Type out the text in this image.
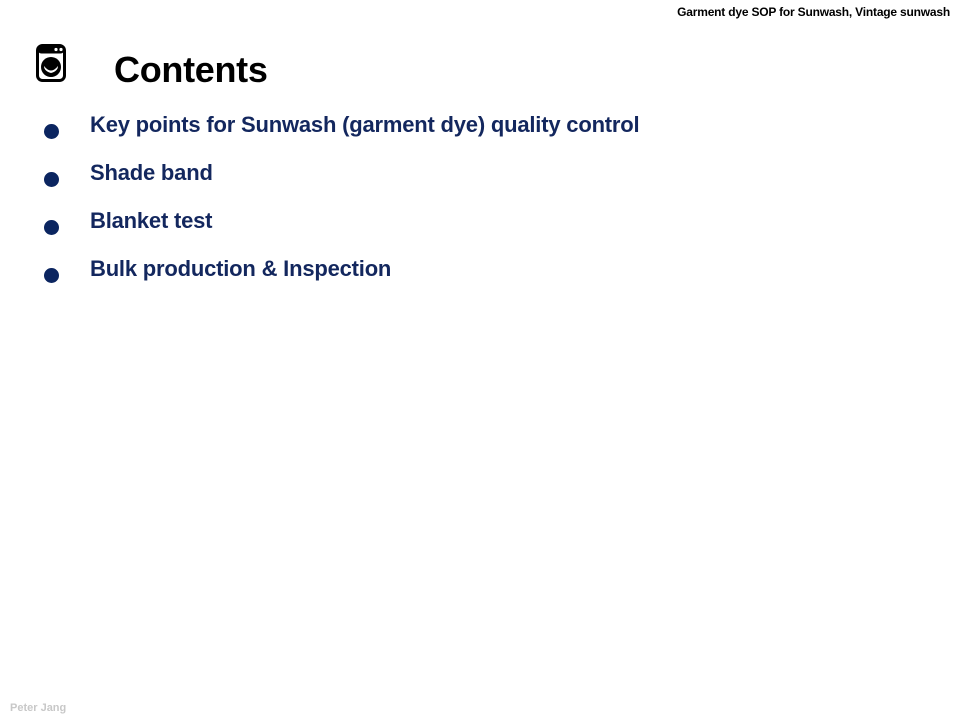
Garment dye SOP for Sunwash, Vintage sunwash
Contents
Key points for Sunwash (garment dye) quality control
Shade band
Blanket test
Bulk production & Inspection
Peter Jang
